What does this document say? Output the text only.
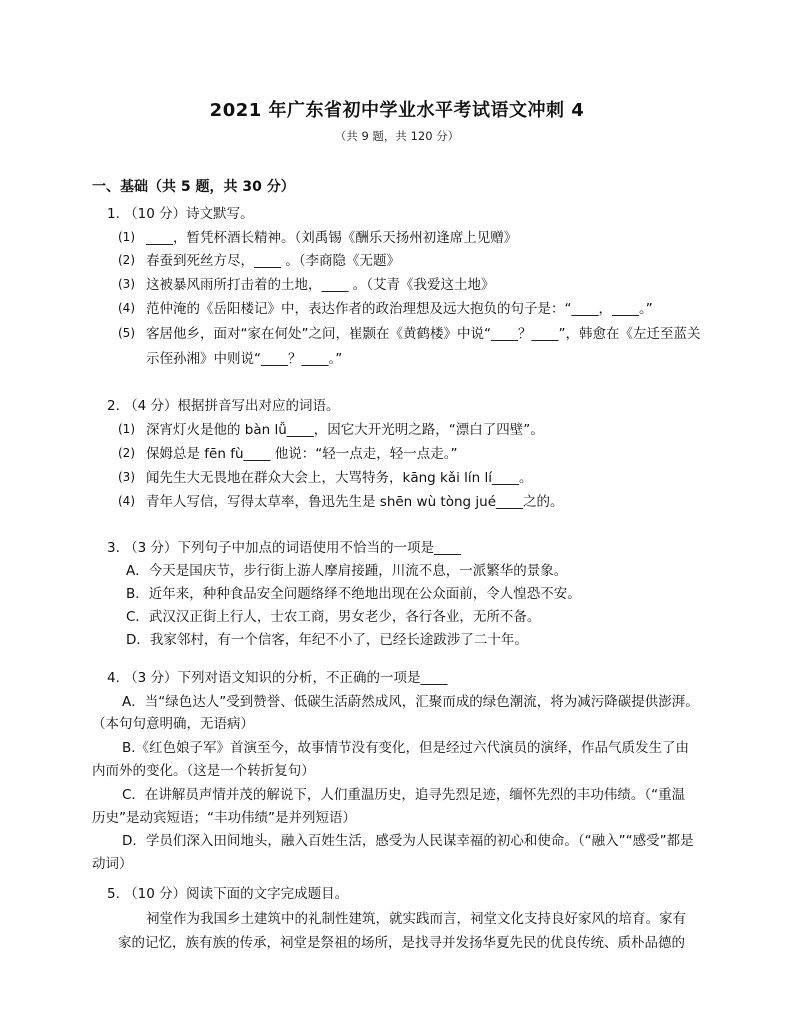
2021 年广东省初中学业水平考试语文冲刺 4
（共 9 题，共 120 分）
一、基础（共 5 题，共 30 分）
1. （10 分）诗文默写。
(1) ____，暂凭杯酒长精神。（刘禹锡《酬乐天扬州初逢席上见赠》
(2) 春蚕到死丝方尽，____ 。（李商隐《无题》
(3) 这被暴风雨所打击着的土地，____ 。（艾青《我爱这土地》
(4) 范仲淹的《岳阳楼记》中，表达作者的政治理想及远大抱负的句子是：“____，____。”
(5) 客居他乡，面对“家在何处”之问，崔颢在《黄鹤楼》中说“____？____”，韩愈在《左迁至蓝关
示侄孙湘》中则说“____？____。”
2. （4 分）根据拼音写出对应的词语。
(1) 深宵灯火是他的 bàn lǚ____，因它大开光明之路，“漂白了四壁”。
(2) 保姆总是 fēn fù____ 他说：“轻一点走，轻一点走。”
(3) 闻先生大无畏地在群众大会上，大骂特务，kāng kǎi lín lí____。
(4) 青年人写信，写得太草率，鲁迅先生是 shēn wù tòng jué____之的。
3. （3 分）下列句子中加点的词语使用不恰当的一项是____
A．今天是国庆节，步行街上游人摩肩接踵，川流不息，一派繁华的景象。
B．近年来，种种食品安全问题络绎不绝地出现在公众面前，令人惶恐不安。
C．武汉汉正街上行人，士农工商，男女老少，各行各业，无所不备。
D．我家邻村，有一个信客，年纪不小了，已经长途跋涉了二十年。
4. （3 分）下列对语文知识的分析，不正确的一项是____
A．当“绿色达人”受到赞誉、低碳生活蔚然成风，汇聚而成的绿色潮流，将为减污降碳提供澎湃。
（本句句意明确，无语病）
B.《红色娘子军》首演至今，故事情节没有变化，但是经过六代演员的演绎，作品气质发生了由
内而外的变化。（这是一个转折复句）
C．在讲解员声情并茂的解说下，人们重温历史，追寻先烈足迹，缅怀先烈的丰功伟绩。（“重温
历史”是动宾短语；“丰功伟绩”是并列短语）
D．学员们深入田间地头，融入百姓生活，感受为人民谋幸福的初心和使命。（“融入”“感受”都是
动词）
5. （10 分）阅读下面的文字完成题目。
祠堂作为我国乡土建筑中的礼制性建筑，就实践而言，祠堂文化支持良好家风的培育。家有
家的记忆，族有族的传承，祠堂是祭祖的场所，是找寻并发扬华夏先民的优良传统、质朴品德的
